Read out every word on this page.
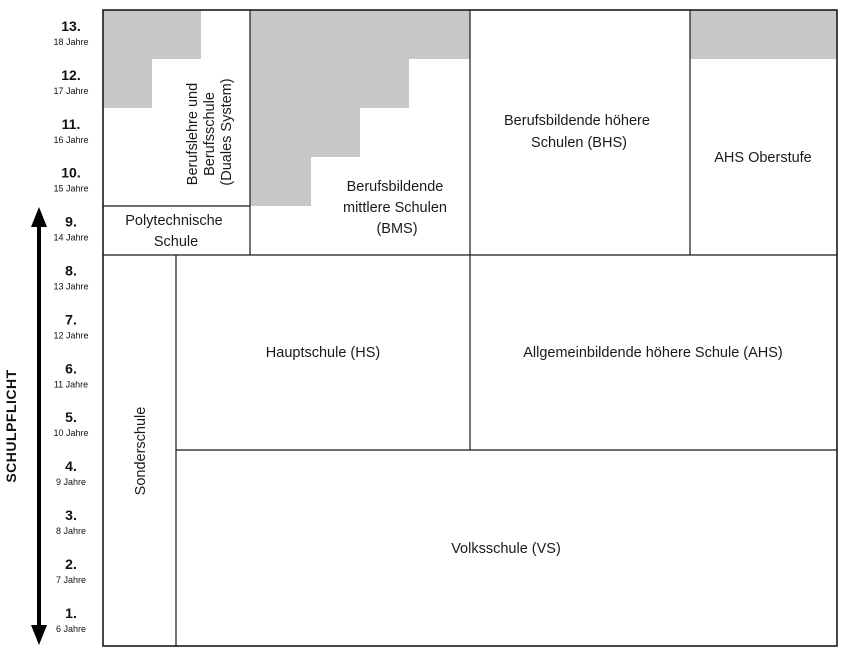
Berufslehre und Berufsschule (Duales System)
Polytechnische Schule
Berufsbildende mittlere Schulen (BMS)
Berufsbildende höhere Schulen (BHS)
AHS Oberstufe
Hauptschule (HS)	Allgemeinbildende höhere Schule (AHS)
Sonderschule
Volksschule (VS)
SCHULPFLICHT
13.
18 Jahre
12.
17 Jahre
11.
16 Jahre
10.
15 Jahre
9.
14 Jahre
8.
13 Jahre
7.
12 Jahre
6.
11 Jahre
5.
10 Jahre
4.
9 Jahre
3.
8 Jahre
2.
7 Jahre
1.
6 Jahre
